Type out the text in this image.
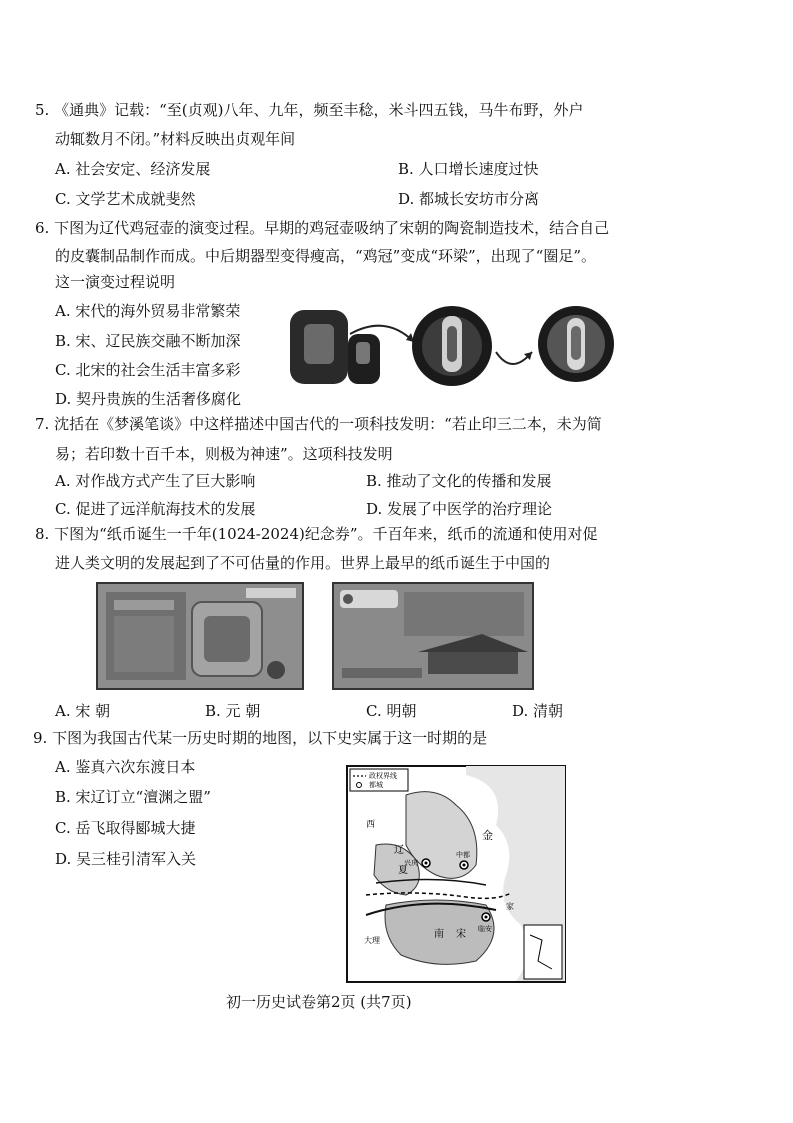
5. 《通典》记载：“至(贞观)八年、九年，频至丰稔，米斗四五钱，马牛布野，外户
动辄数月不闭。”材料反映出贞观年间
A. 社会安定、经济发展	B. 人口增长速度过快
C. 文学艺术成就斐然	D. 都城长安坊市分离
6. 下图为辽代鸡冠壶的演变过程。早期的鸡冠壶吸纳了宋朝的陶瓷制造技术，结合自己
的皮囊制品制作而成。中后期器型变得瘦高，“鸡冠”变成“环梁”，出现了“圈足”。
这一演变过程说明
A. 宋代的海外贸易非常繁荣
B. 宋、辽民族交融不断加深
C. 北宋的社会生活丰富多彩
D. 契丹贵族的生活奢侈腐化
7. 沈括在《梦溪笔谈》中这样描述中国古代的一项科技发明：“若止印三二本，未为简
易；若印数十百千本，则极为神速”。这项科技发明
A. 对作战方式产生了巨大影响	B. 推动了文化的传播和发展
C. 促进了远洋航海技术的发展	D. 发展了中医学的治疗理论
8. 下图为“纸币诞生一千年(1024-2024)纪念券”。千百年来，纸币的流通和使用对促
进人类文明的发展起到了不可估量的作用。世界上最早的纸币诞生于中国的
A. 宋 朝	B. 元 朝	C. 明朝	D. 清朝
9. 下图为我国古代某一历史时期的地图，以下史实属于这一时期的是
A. 鉴真六次东渡日本
B. 宋辽订立“澶渊之盟”
C. 岳飞取得郾城大捷
D. 吴三桂引清军入关
政权界线
都城
西
辽
金
夏
中都
兴庆
大理
南 宋 临安
家
初一历史试卷第2页 (共7页)
